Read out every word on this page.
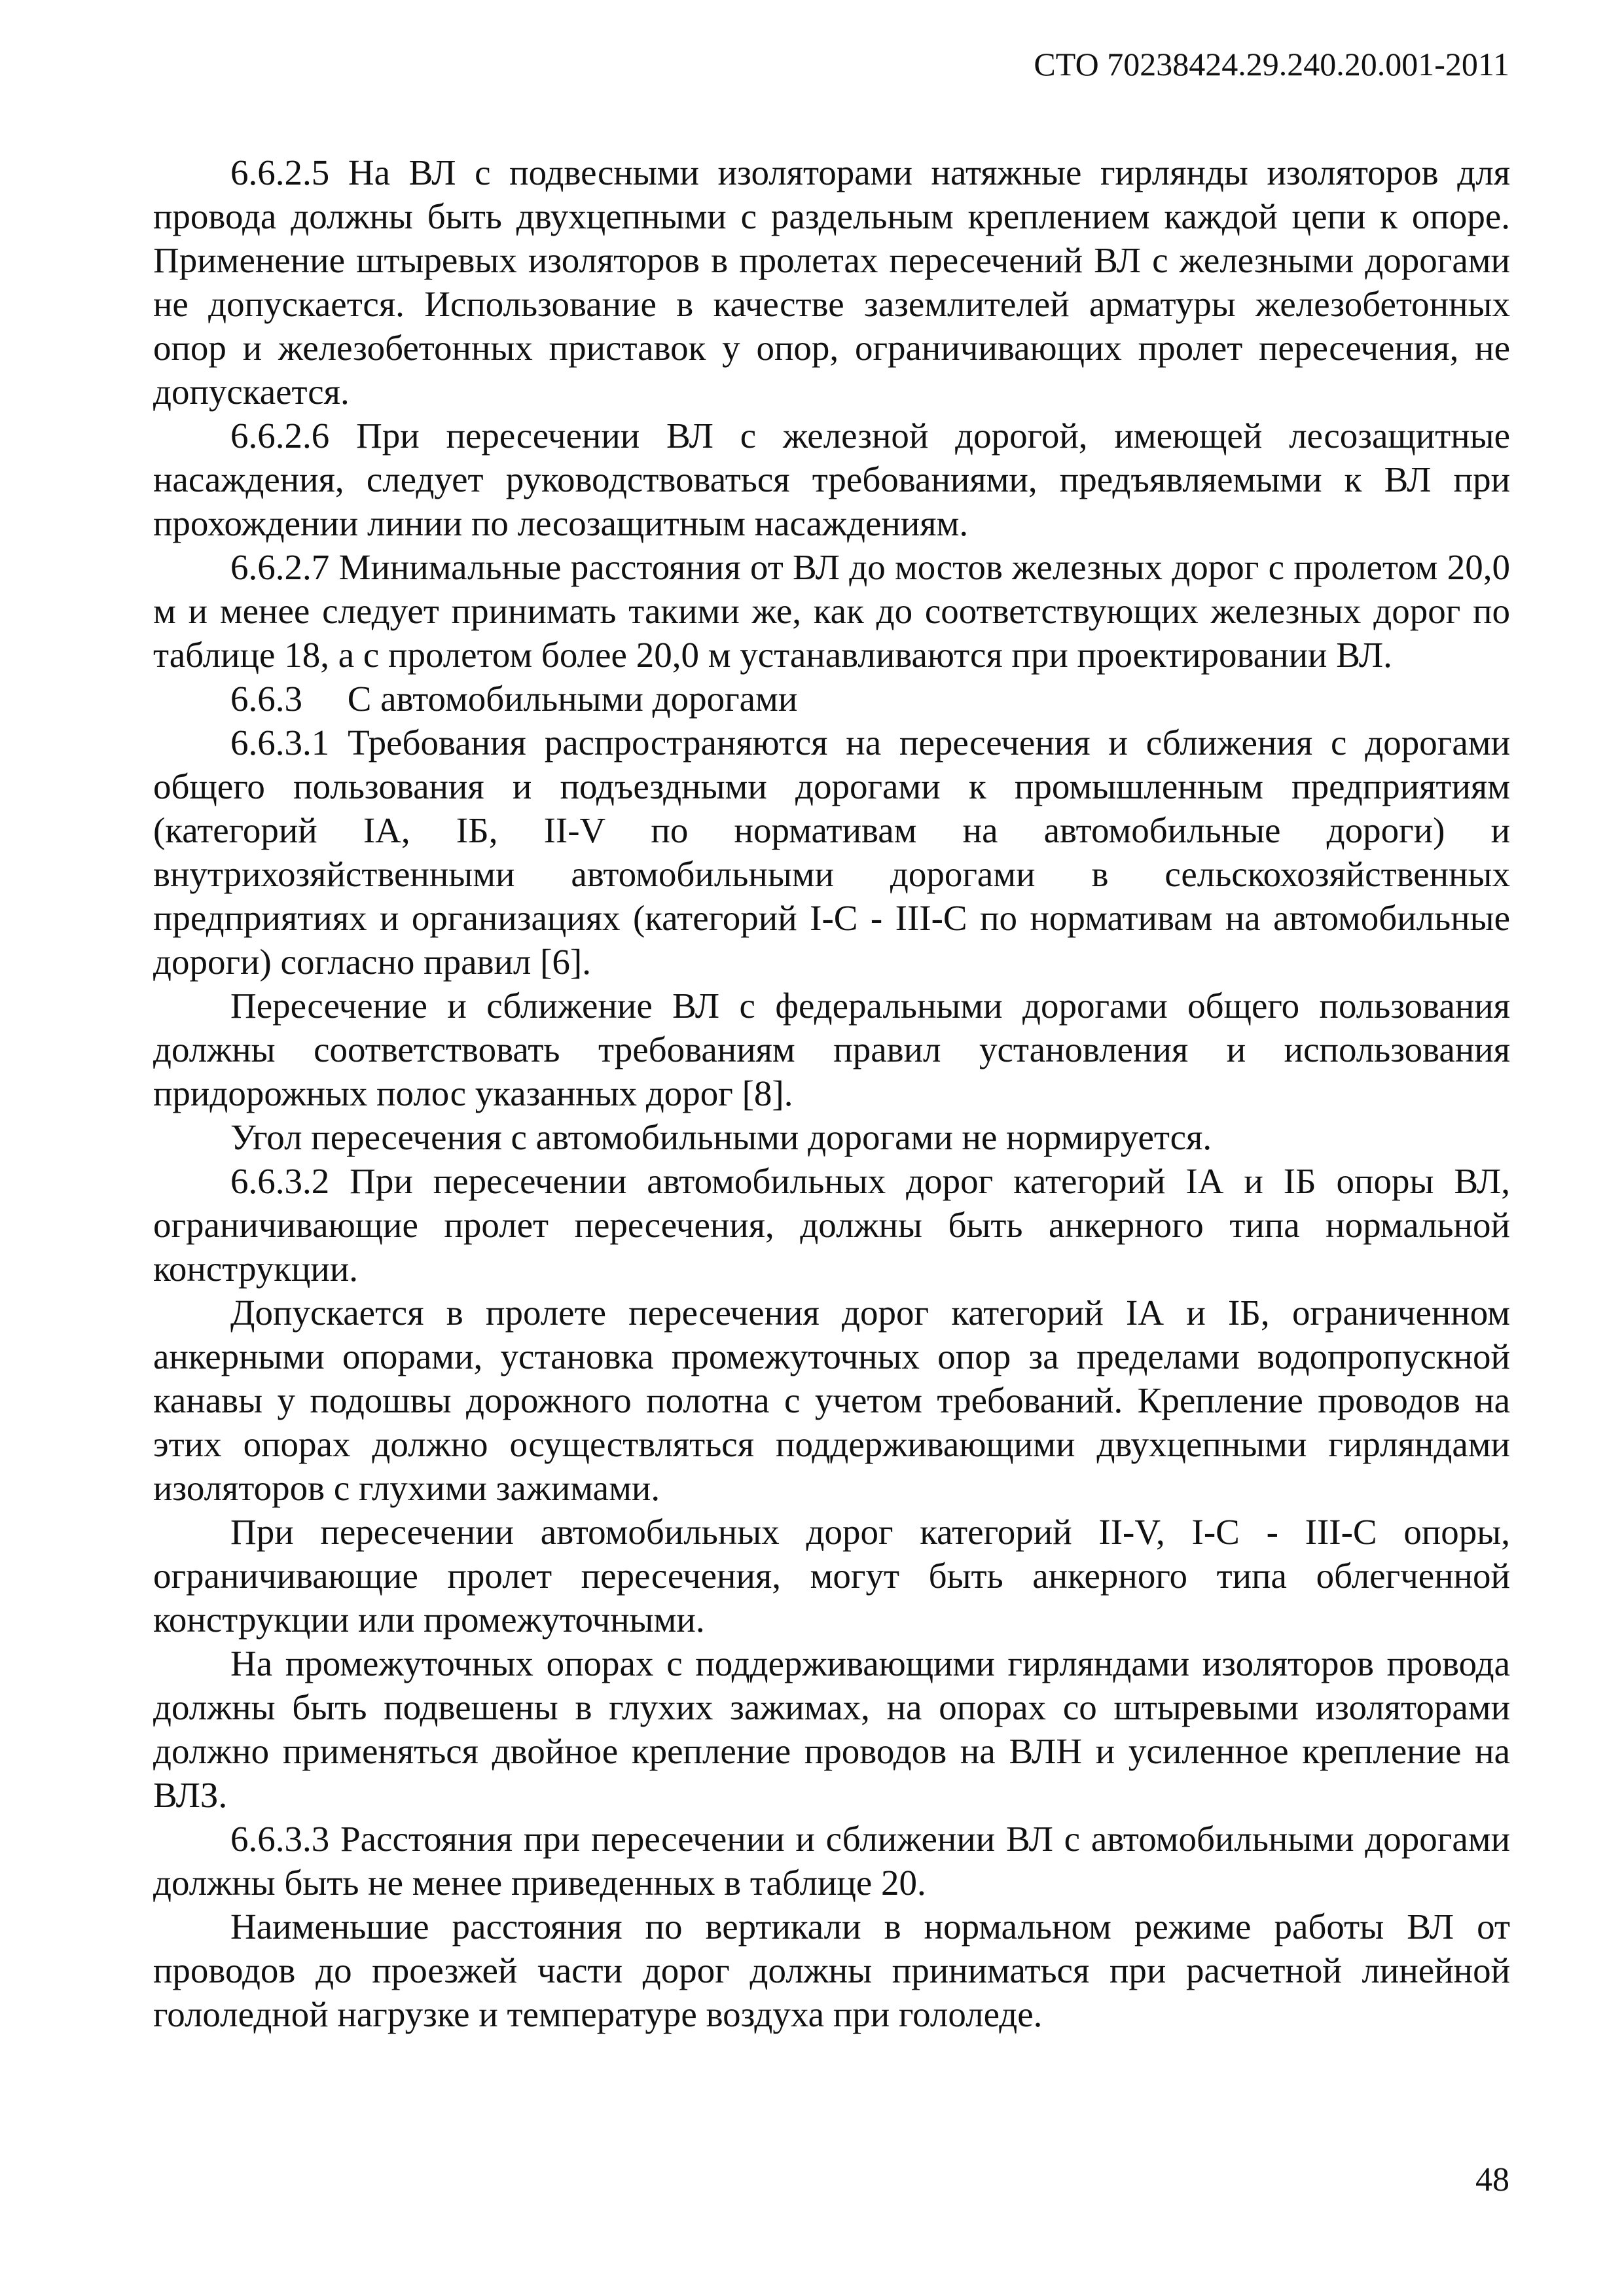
СТО 70238424.29.240.20.001-2011

6.6.2.5 На ВЛ с подвесными изоляторами натяжные гирлянды изоляторов для провода должны быть двухцепными с раздельным креплением каждой цепи к опоре. Применение штыревых изоляторов в пролетах пересечений ВЛ с железными дорогами не допускается. Использование в качестве заземлителей арматуры железобетонных опор и железобетонных приставок у опор, ограничивающих пролет пересечения, не допускается.

6.6.2.6 При пересечении ВЛ с железной дорогой, имеющей лесозащитные насаждения, следует руководствоваться требованиями, предъявляемыми к ВЛ при прохождении линии по лесозащитным насаждениям.

6.6.2.7 Минимальные расстояния от ВЛ до мостов железных дорог с пролетом 20,0 м и менее следует принимать такими же, как до соответствующих железных дорог по таблице 18, а с пролетом более 20,0 м устанавливаются при проектировании ВЛ.

6.6.3     С автомобильными дорогами

6.6.3.1 Требования распространяются на пересечения и сближения с дорогами общего пользования и подъездными дорогами к промышленным предприятиям (категорий IА, IБ, II-V по нормативам на автомобильные дороги) и внутрихозяйственными автомобильными дорогами в сельскохозяйственных предприятиях и организациях (категорий I-С - III-С по нормативам на автомобильные дороги) согласно правил [6].

Пересечение и сближение ВЛ с федеральными дорогами общего пользования должны соответствовать требованиям правил установления и использования придорожных полос указанных дорог [8].

Угол пересечения с автомобильными дорогами не нормируется.

6.6.3.2 При пересечении автомобильных дорог категорий IА и IБ опоры ВЛ, ограничивающие пролет пересечения, должны быть анкерного типа нормальной конструкции.

Допускается в пролете пересечения дорог категорий IА и IБ, ограниченном анкерными опорами, установка промежуточных опор за пределами водопропускной канавы у подошвы дорожного полотна с учетом требований. Крепление проводов на этих опорах должно осуществляться поддерживающими двухцепными гирляндами изоляторов с глухими зажимами.

При пересечении автомобильных дорог категорий II-V, I-С - III-С опоры, ограничивающие пролет пересечения, могут быть анкерного типа облегченной конструкции или промежуточными.

На промежуточных опорах с поддерживающими гирляндами изоляторов провода должны быть подвешены в глухих зажимах, на опорах со штыревыми изоляторами должно применяться двойное крепление проводов на ВЛН и усиленное крепление на ВЛЗ.

6.6.3.3 Расстояния при пересечении и сближении ВЛ с автомобильными дорогами должны быть не менее приведенных в таблице 20.

Наименьшие расстояния по вертикали в нормальном режиме работы ВЛ от проводов до проезжей части дорог должны приниматься при расчетной линейной гололедной нагрузке и температуре воздуха при гололеде.

48
